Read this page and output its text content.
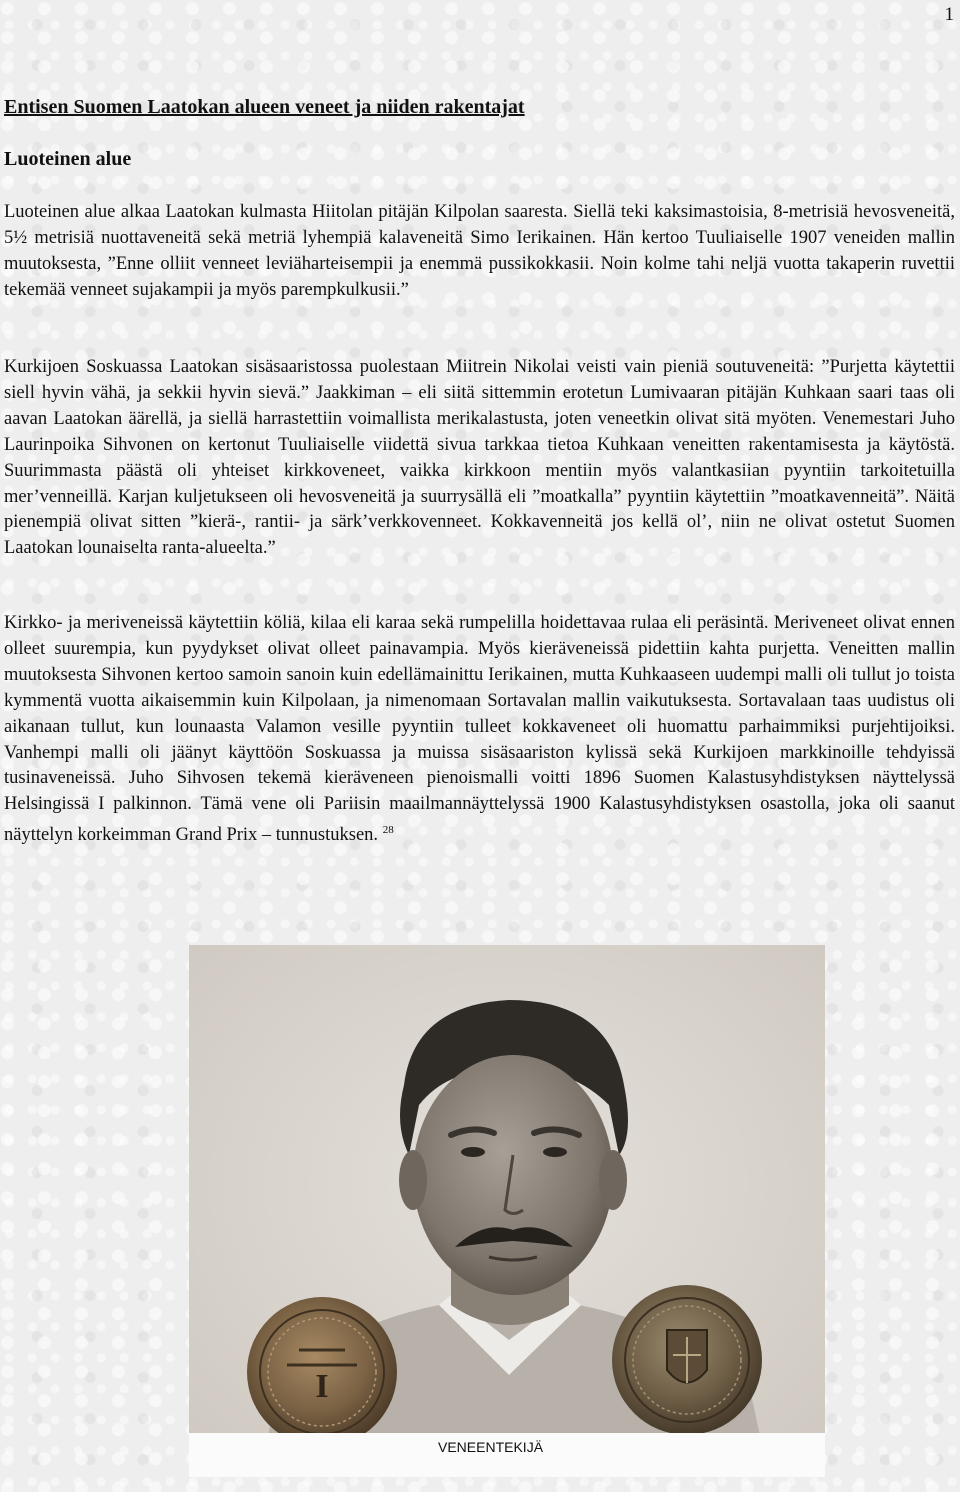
1
Entisen Suomen Laatokan alueen veneet ja niiden rakentajat
Luoteinen alue

Luoteinen alue alkaa Laatokan kulmasta Hiitolan pitäjän Kilpolan saaresta. Siellä teki kaksimastoisia, 8-metrisiä hevosveneitä, 5½ metrisiä nuottaveneitä sekä metriä lyhempiä kalaveneitä Simo Ierikainen. Hän kertoo Tuuliaiselle 1907 veneiden mallin muutoksesta, ”Enne olliit venneet leviäharteisempii ja enemmä pussikokkasii. Noin kolme tahi neljä vuotta takaperin ruvettii tekemää venneet sujakampii ja myös parempkulkusii.”

Kurkijoen Soskuassa Laatokan sisäsaaristossa puolestaan Miitrein Nikolai veisti vain pieniä soutuveneitä: ”Purjetta käytettii siell hyvin vähä, ja sekkii hyvin sievä.” Jaakkiman – eli siitä sittemmin erotetun Lumivaaran pitäjän Kuhkaan saari taas oli aavan Laatokan äärellä, ja siellä harrastettiin voimallista merikalastusta, joten veneetkin olivat sitä myöten. Venemestari Juho Laurinpoika Sihvonen on kertonut Tuuliaiselle viidettä sivua tarkkaa tietoa Kuhkaan veneitten rakentamisesta ja käytöstä. Suurimmasta päästä oli yhteiset kirkkoveneet, vaikka kirkkoon mentiin myös valantkasiian pyyntiin tarkoitetuilla mer’venneillä. Karjan kuljetukseen oli hevosveneitä ja suurrysällä eli ”moatkalla” pyyntiin käytettiin ”moatkavenneitä”. Näitä pienempiä olivat sitten ”kierä-, rantii- ja särk’verkkovenneet. Kokkavenneitä jos kellä ol’, niin ne olivat ostetut Suomen Laatokan lounaiselta ranta-alueelta.”

Kirkko- ja meriveneissä käytettiin köliä, kilaa eli karaa sekä rumpelilla hoidettavaa rulaa eli peräsintä. Meriveneet olivat ennen olleet suurempia, kun pyydykset olivat olleet painavampia. Myös kieräveneissä pidettiin kahta purjetta. Veneitten mallin muutoksesta Sihvonen kertoo samoin sanoin kuin edellämainittu Ierikainen, mutta Kuhkaaseen uudempi malli oli tullut jo toista kymmentä vuotta aikaisemmin kuin Kilpolaan, ja nimenomaan Sortavalan mallin vaikutuksesta. Sortavalaan taas uudistus oli aikanaan tullut, kun lounaasta Valamon vesille pyyntiin tulleet kokkaveneet oli huomattu parhaimmiksi purjehtijoiksi. Vanhempi malli oli jäänyt käyttöön Soskuassa ja muissa sisäsaariston kylissä sekä Kurkijoen markkinoille tehdyissä tusinaveneissä. Juho Sihvosen tekemä kieräveneen pienoismalli voitti 1896 Suomen Kalastusyhdistyksen näyttelyssä Helsingissä I palkinnon. Tämä vene oli Pariisin maailmannäyttelyssä 1900 Kalastusyhdistyksen osastolla, joka oli saanut näyttelyn korkeimman Grand Prix – tunnustuksen. $^{28}$

I
VENEENTEKIJÄ
